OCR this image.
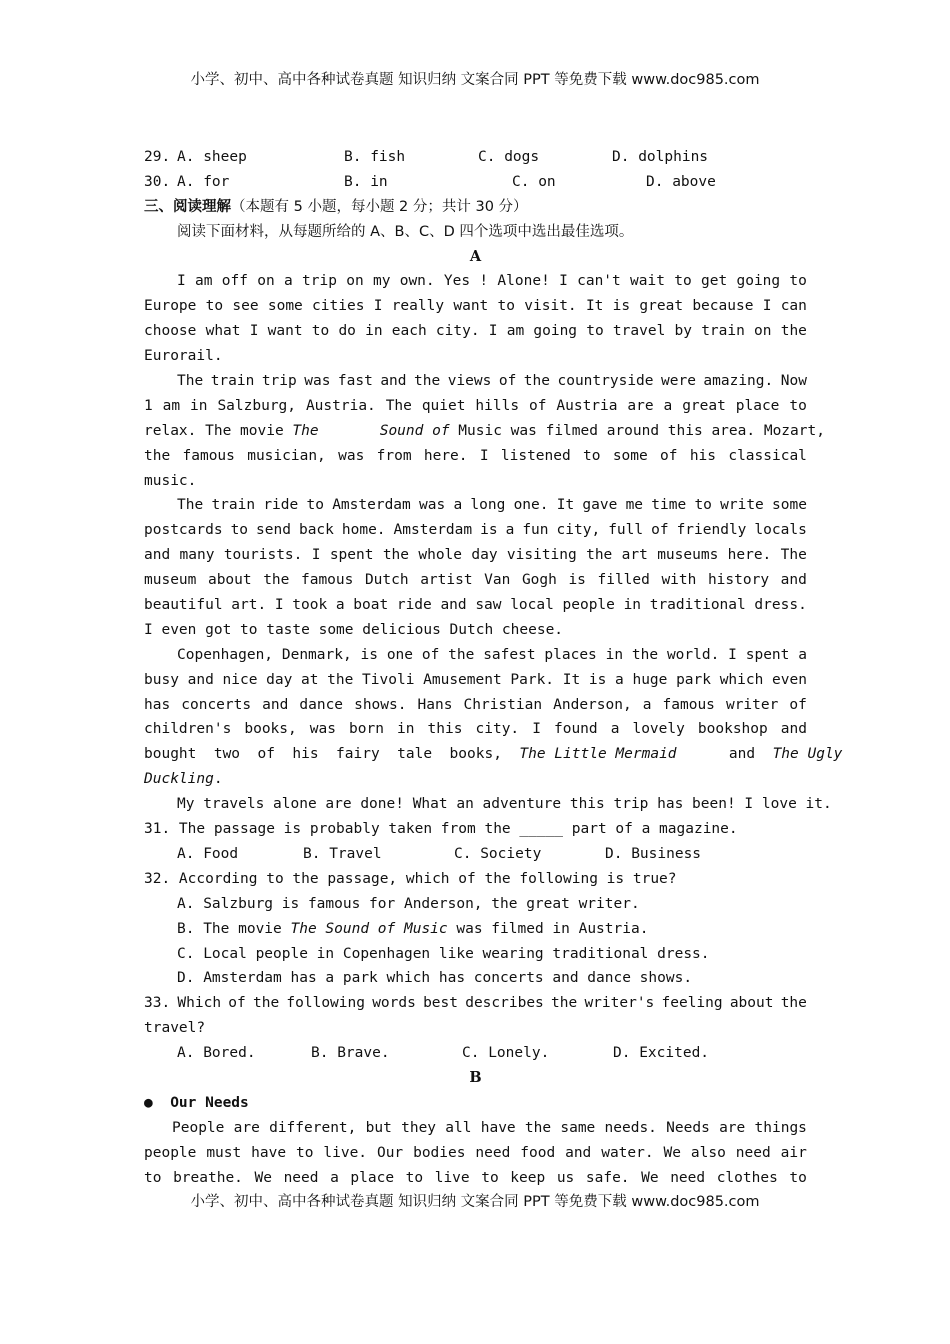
小学、初中、高中各种试卷真题 知识归纳 文案合同 PPT 等免费下载 www.doc985.com
29. A. sheep	B. fish	C. dogs	D. dolphins
30. A. for	B. in	C. on	D. above
三、阅读理解（本题有 5 小题，每小题 2 分；共计 30 分）
阅读下面材料，从每题所给的 A、B、C、D 四个选项中选出最佳选项。
A
I am off on a trip on my own. Yes ! Alone! I can't wait to get going to
Europe to see some cities I really want to visit. It is great because I can
choose what I want to do in each city. I am going to travel by train on the
Eurorail.
The train trip was fast and the views of the countryside were amazing. Now
1 am in Salzburg, Austria. The quiet hills of Austria are a great place to
relax. The movie The	Sound of Music was filmed around this area. Mozart,
the famous musician, was from here. I listened to some of his classical
music.
The train ride to Amsterdam was a long one. It gave me time to write some
postcards to send back home. Amsterdam is a fun city, full of friendly locals
and many tourists. I spent the whole day visiting the art museums here. The
museum about the famous Dutch artist Van Gogh is filled with history and
beautiful art. I took a boat ride and saw local people in traditional dress.
I even got to taste some delicious Dutch cheese.
Copenhagen, Denmark, is one of the safest places in the world. I spent a
busy and nice day at the Tivoli Amusement Park. It is a huge park which even
has concerts and dance shows. Hans Christian Anderson, a famous writer of
children's books, was born in this city. I found a lovely bookshop and
bought  two  of  his  fairy  tale  books,  The Little Mermaid      and  The Ugly
Duckling.
My travels alone are done! What an adventure this trip has been! I love it.
31. The passage is probably taken from the _____ part of a magazine.
A. Food	B. Travel	C. Society	D. Business
32. According to the passage, which of the following is true?
A. Salzburg is famous for Anderson, the great writer.
B. The movie The Sound of Music was filmed in Austria.
C. Local people in Copenhagen like wearing traditional dress.
D. Amsterdam has a park which has concerts and dance shows.
33. Which of the following words best describes the writer's feeling about the
travel?
A. Bored.	B. Brave.	C. Lonely.	D. Excited.
B
● Our Needs
People are different, but they all have the same needs. Needs are things
people must have to live. Our bodies need food and water. We also need air
to breathe. We need a place to live to keep us safe. We need clothes to
小学、初中、高中各种试卷真题 知识归纳 文案合同 PPT 等免费下载 www.doc985.com
